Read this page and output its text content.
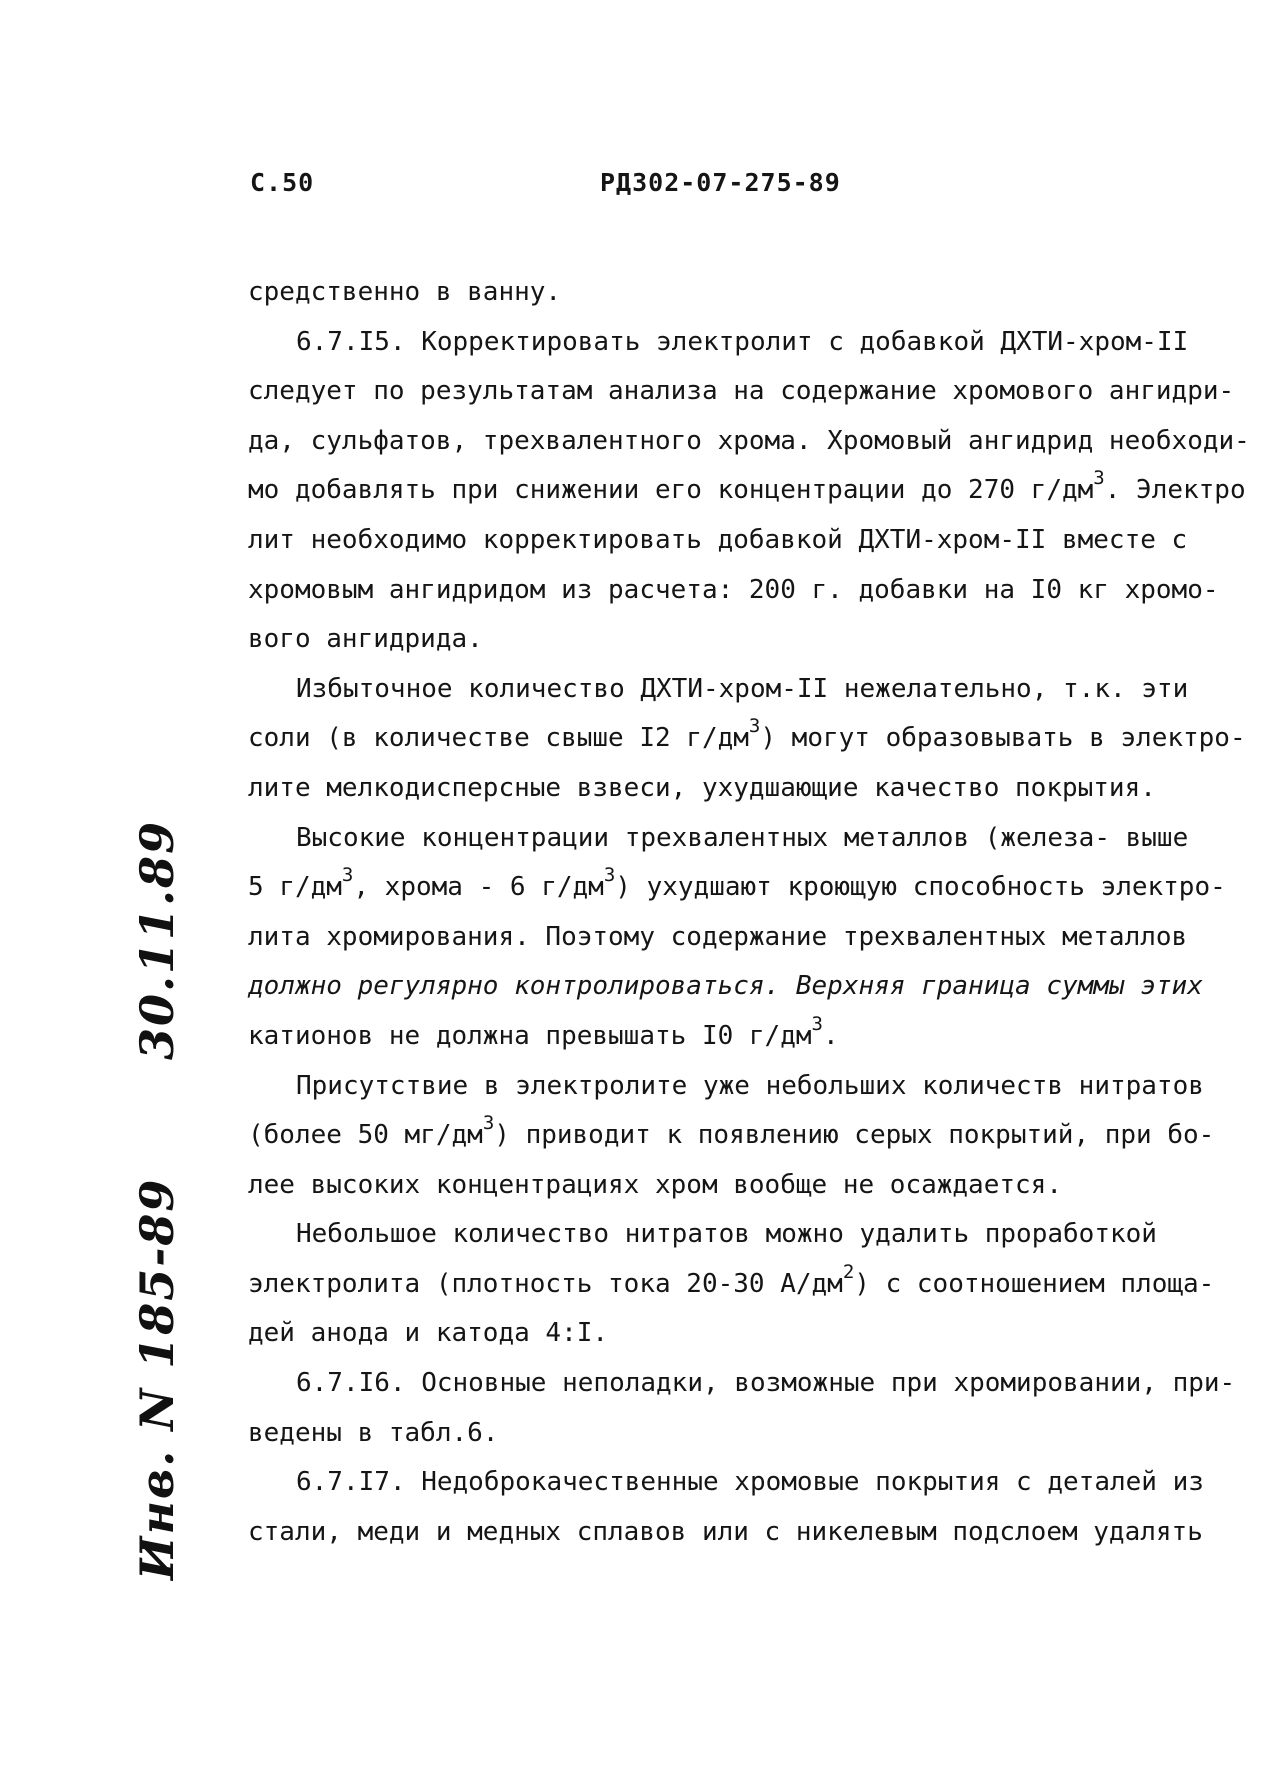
С.50	РД302-07-275-89

средственно в ванну.

6.7.I5. Корректировать электролит с добавкой ДХТИ-хром-II

следует по результатам анализа на содержание хромового ангидри-

да, сульфатов, трехвалентного хрома. Хромовый ангидрид необходи-

мо добавлять при снижении его концентрации до 270 $г/дм^3$. Электро

лит необходимо корректировать добавкой ДХТИ-хром-II вместе с

хромовым ангидридом из расчета: 200 г. добавки на I0 кг хромо-

вого ангидрида.

Избыточное количество ДХТИ-хром-II нежелательно, т.к. эти

соли (в количестве свыше I2 $г/дм^3$) могут образовывать в электро-

лите мелкодисперсные взвеси, ухудшающие качество покрытия.

Высокие концентрации трехвалентных металлов (железа- выше

5 $г/дм^3$, хрома - 6 $г/дм^3$) ухудшают кроющую способность электро-

лита хромирования. Поэтому содержание трехвалентных металлов

должно регулярно контролироваться. Верхняя граница суммы этих

катионов не должна превышать I0 $г/дм^3$.

Присутствие в электролите уже небольших количеств нитратов

(более 50 $мг/дм^3$) приводит к появлению серых покрытий, при бо-

лее высоких концентрациях хром вообще не осаждается.

Небольшое количество нитратов можно удалить проработкой

электролита (плотность тока 20-30 $А/дм^2$) с соотношением площа-

дей анода и катода 4:I.

6.7.I6. Основные неполадки, возможные при хромировании, при-

ведены в табл.6.

6.7.I7. Недоброкачественные хромовые покрытия с деталей из

стали, меди и медных сплавов или с никелевым подслоем удалять

Инв. N 185-89
30.11.89
